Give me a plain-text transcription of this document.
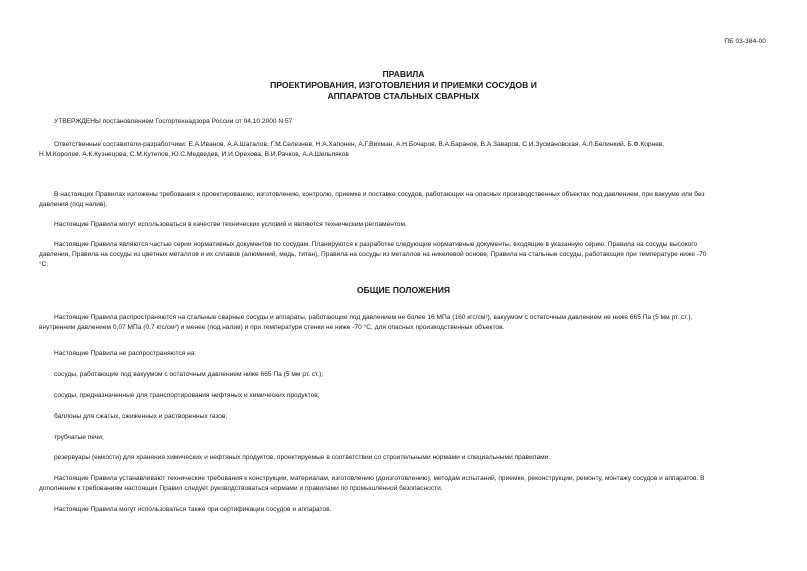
ПБ 03-384-00
ПРАВИЛА
ПРОЕКТИРОВАНИЯ, ИЗГОТОВЛЕНИЯ И ПРИЕМКИ СОСУДОВ И
АППАРАТОВ СТАЛЬНЫХ СВАРНЫХ
УТВЕРЖДЕНЫ постановлением Госгортехнадзора России от 04.10.2000 N 57
Ответственные составители-разработчики: Е.А.Иванов, А.А.Шаталов, Г.М.Селезнев, Н.А.Хапонен, А.Г.Вихман, А.Н.Бочаров, В.А.Баранов, В.А.Заваров, С.И.Зусмановская, А.Л.Белинкий, Б.Ф.Корнев,
Н.М.Королев, А.К.Кузнецова, С.М.Кутепов, Ю.С.Медведев, И.И.Орехова, В.И.Рачков, А.А.Шельпяков
В настоящих Правилах изложены требования к проектированию, изготовлению, контролю, приемке и поставке сосудов, работающих на опасных производственных объектах под давлением, при вакууме или без
давления (под налив).
Настоящие Правила могут использоваться в качестве технических условий и являются техническим регламентом.
Настоящие Правила являются частью серии нормативных документов по сосудам. Планируются к разработке следующие нормативные документы, входящие в указанную серию: Правила на сосуды высокого
давления, Правила на сосуды из цветных металлов и их сплавов (алюминий, медь, титан), Правила на сосуды из металлов на никелевой основе, Правила на стальные сосуды, работающие при температуре ниже -70
°С.
ОБЩИЕ ПОЛОЖЕНИЯ
Настоящие Правила распространяются на стальные сварные сосуды и аппараты, работающие под давлением не более 16 МПа (160 кгс/см²), вакуумом с остаточным давлением не ниже 665 Па (5 мм рт. ст.),
внутренним давлением 0,07 МПа (0,7 кгс/см²) и менее (под налив) и при температуре стенки не ниже -70 °С, для опасных производственных объектов.
Настоящие Правила не распространяются на:
сосуды, работающие под вакуумом с остаточным давлением ниже 665 Па (5 мм рт. ст.);
сосуды, предназначенные для транспортирования нефтяных и химических продуктов;
баллоны для сжатых, сжиженных и растворенных газов;
трубчатые печи;
резервуары (емкости) для хранения химических и нефтяных продуктов, проектируемые в соответствии со строительными нормами и специальными правилами.
Настоящие Правила устанавливают технические требования к конструкции, материалам, изготовлению (доизготовлению), методам испытаний, приемке, реконструкции, ремонту, монтажу сосудов и аппаратов. В
дополнение к требованиям настоящих Правил следует руководствоваться нормами и правилами по промышленной безопасности.
Настоящие Правила могут использоваться также при сертификации сосудов и аппаратов.
